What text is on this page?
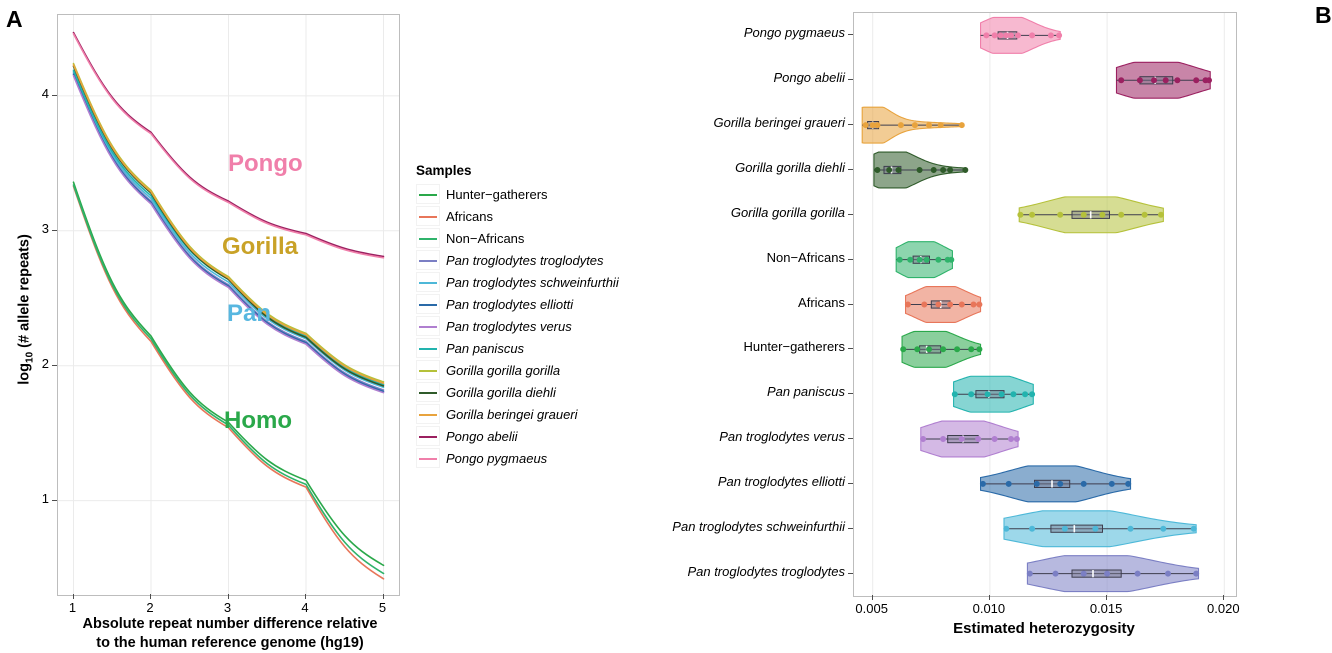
A
$\log_{10}$ (# allele repeats)
Absolute repeat number difference relative
to the human reference genome (hg19)
1
2
3
4
1	2	3	4	5
Pongo
Gorilla
Pan
Homo
Samples
Hunter−gatherers
Africans
Non−Africans
Pan troglodytes troglodytes
Pan troglodytes schweinfurthii
Pan troglodytes elliotti
Pan troglodytes verus
Pan paniscus
Gorilla gorilla gorilla
Gorilla gorilla diehli
Gorilla beringei graueri
Pongo abelii
Pongo pygmaeus
B
Pongo pygmaeus
Pongo abelii
Gorilla beringei graueri
Gorilla gorilla diehli
Gorilla gorilla gorilla
Non−Africans
Africans
Hunter−gatherers
Pan paniscus
Pan troglodytes verus
Pan troglodytes elliotti
Pan troglodytes schweinfurthii
Pan troglodytes troglodytes
0.005	0.010	0.015	0.020
Estimated heterozygosity
